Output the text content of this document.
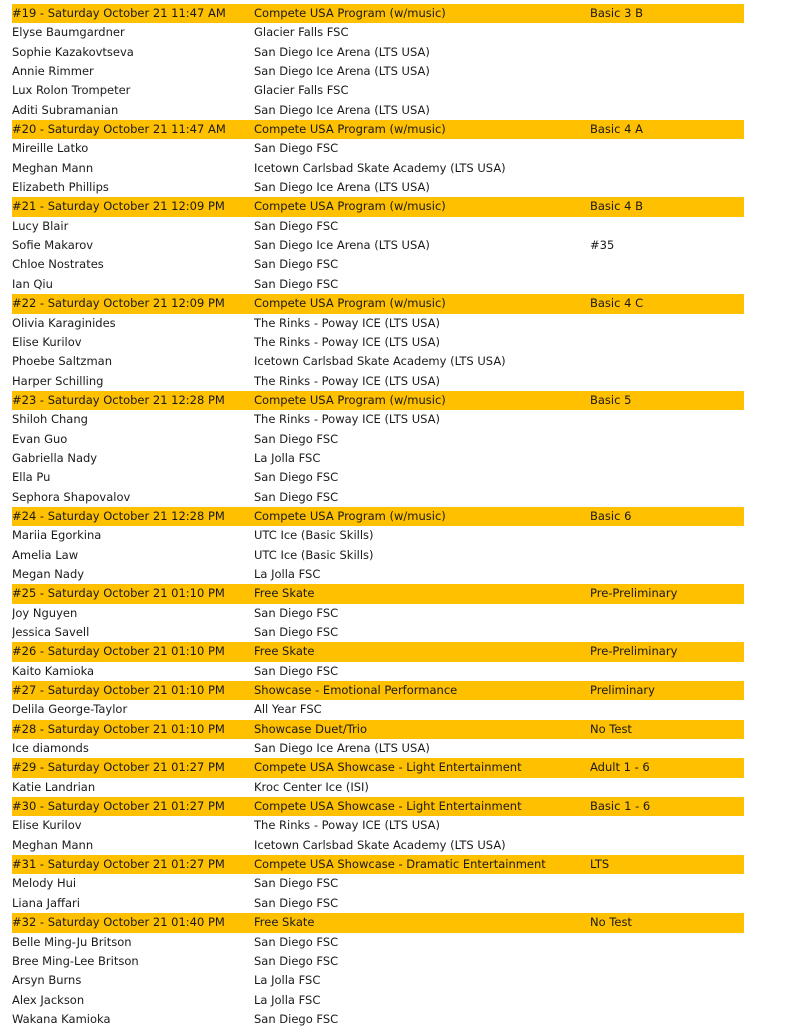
#19 - Saturday October 21 11:47 AM	Compete USA Program (w/music)	Basic 3 B
Elyse Baumgardner	Glacier Falls FSC
Sophie Kazakovtseva	San Diego Ice Arena (LTS USA)
Annie Rimmer	San Diego Ice Arena (LTS USA)
Lux Rolon Trompeter	Glacier Falls FSC
Aditi Subramanian	San Diego Ice Arena (LTS USA)
#20 - Saturday October 21 11:47 AM	Compete USA Program (w/music)	Basic 4 A
Mireille Latko	San Diego FSC
Meghan Mann	Icetown Carlsbad Skate Academy (LTS USA)
Elizabeth Phillips	San Diego Ice Arena (LTS USA)
#21 - Saturday October 21 12:09 PM	Compete USA Program (w/music)	Basic 4 B
Lucy Blair	San Diego FSC
Sofie Makarov	San Diego Ice Arena (LTS USA)	#35
Chloe Nostrates	San Diego FSC
Ian Qiu	San Diego FSC
#22 - Saturday October 21 12:09 PM	Compete USA Program (w/music)	Basic 4 C
Olivia Karaginides	The Rinks - Poway ICE (LTS USA)
Elise Kurilov	The Rinks - Poway ICE (LTS USA)
Phoebe Saltzman	Icetown Carlsbad Skate Academy (LTS USA)
Harper Schilling	The Rinks - Poway ICE (LTS USA)
#23 - Saturday October 21 12:28 PM	Compete USA Program (w/music)	Basic 5
Shiloh Chang	The Rinks - Poway ICE (LTS USA)
Evan Guo	San Diego FSC
Gabriella Nady	La Jolla FSC
Ella Pu	San Diego FSC
Sephora Shapovalov	San Diego FSC
#24 - Saturday October 21 12:28 PM	Compete USA Program (w/music)	Basic 6
Mariia Egorkina	UTC Ice (Basic Skills)
Amelia Law	UTC Ice (Basic Skills)
Megan Nady	La Jolla FSC
#25 - Saturday October 21 01:10 PM	Free Skate	Pre-Preliminary
Joy Nguyen	San Diego FSC
Jessica Savell	San Diego FSC
#26 - Saturday October 21 01:10 PM	Free Skate	Pre-Preliminary
Kaito Kamioka	San Diego FSC
#27 - Saturday October 21 01:10 PM	Showcase - Emotional Performance	Preliminary
Delila George-Taylor	All Year FSC
#28 - Saturday October 21 01:10 PM	Showcase Duet/Trio	No Test
Ice diamonds	San Diego Ice Arena (LTS USA)
#29 - Saturday October 21 01:27 PM	Compete USA Showcase - Light Entertainment	Adult 1 - 6
Katie Landrian	Kroc Center Ice (ISI)
#30 - Saturday October 21 01:27 PM	Compete USA Showcase - Light Entertainment	Basic 1 - 6
Elise Kurilov	The Rinks - Poway ICE (LTS USA)
Meghan Mann	Icetown Carlsbad Skate Academy (LTS USA)
#31 - Saturday October 21 01:27 PM	Compete USA Showcase - Dramatic Entertainment	LTS
Melody Hui	San Diego FSC
Liana Jaffari	San Diego FSC
#32 - Saturday October 21 01:40 PM	Free Skate	No Test
Belle Ming-Ju Britson	San Diego FSC
Bree Ming-Lee Britson	San Diego FSC
Arsyn Burns	La Jolla FSC
Alex Jackson	La Jolla FSC
Wakana Kamioka	San Diego FSC
